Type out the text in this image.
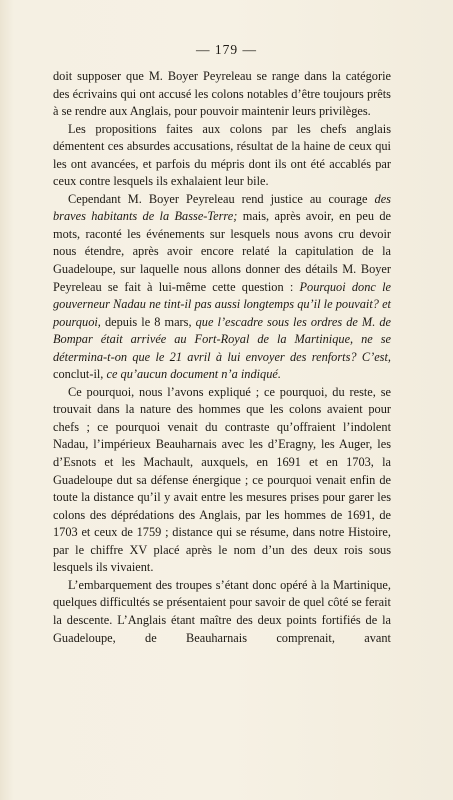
— 179 —

doit supposer que M. Boyer Peyreleau se range dans la catégorie des écrivains qui ont accusé les colons notables d’être toujours prêts à se rendre aux Anglais, pour pouvoir maintenir leurs privilèges.

Les propositions faites aux colons par les chefs anglais démentent ces absurdes accusations, résultat de la haine de ceux qui les ont avancées, et parfois du mépris dont ils ont été accablés par ceux contre lesquels ils exhalaient leur bile.

Cependant M. Boyer Peyreleau rend justice au courage des braves habitants de la Basse-Terre; mais, après avoir, en peu de mots, raconté les événements sur lesquels nous avons cru devoir nous étendre, après avoir encore relaté la capitulation de la Guadeloupe, sur laquelle nous allons donner des détails M. Boyer Peyreleau se fait à lui-même cette question : Pourquoi donc le gouverneur Nadau ne tint-il pas aussi longtemps qu’il le pouvait? et pourquoi, depuis le 8 mars, que l’escadre sous les ordres de M. de Bompar était arrivée au Fort-Royal de la Martinique, ne se détermina-t-on que le 21 avril à lui envoyer des renforts? C’est, conclut-il, ce qu’aucun document n’a indiqué.

Ce pourquoi, nous l’avons expliqué ; ce pourquoi, du reste, se trouvait dans la nature des hommes que les colons avaient pour chefs ; ce pourquoi venait du contraste qu’offraient l’indolent Nadau, l’impérieux Beauharnais avec les d’Eragny, les Auger, les d’Esnots et les Machault, auxquels, en 1691 et en 1703, la Guadeloupe dut sa défense énergique ; ce pourquoi venait enfin de toute la distance qu’il y avait entre les mesures prises pour garer les colons des déprédations des Anglais, par les hommes de 1691, de 1703 et ceux de 1759 ; distance qui se résume, dans notre Histoire, par le chiffre XV placé après le nom d’un des deux rois sous lesquels ils vivaient.

L’embarquement des troupes s’étant donc opéré à la Martinique, quelques difficultés se présentaient pour savoir de quel côté se ferait la descente. L’Anglais étant maître des deux points fortifiés de la Guadeloupe, de Beauharnais comprenait, avant
